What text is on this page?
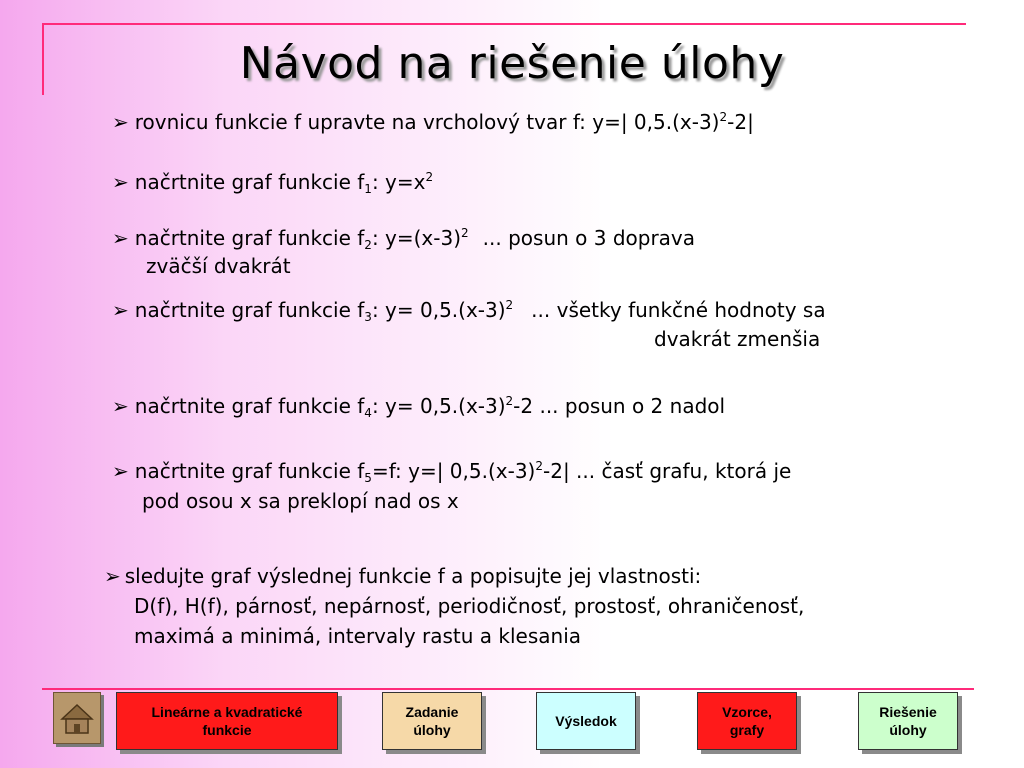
Návod na riešenie úlohy
➢ rovnicu funkcie f upravte na vrcholový tvar f: y=| $0,5.(x-3)^2-2|$
➢ načrtnite graf funkcie $f_1$: $y=x^2$
➢ načrtnite graf funkcie $f_2$: $y=(x-3)^2$ ... posun o 3 doprava
zväčší dvakrát
➢ načrtnite graf funkcie $f_3$: $y= 0,5.(x-3)^2$ ... všetky funkčné hodnoty sa
dvakrát zmenšia
➢ načrtnite graf funkcie $f_4$: $y= 0,5.(x-3)^2-2$ ... posun o 2 nadol
➢ načrtnite graf funkcie $f_5=f$: y=| $0,5.(x-3)^2-2|$ ... časť grafu, ktorá je
pod osou x sa preklopí nad os x
➢ sledujte graf výslednej funkcie f a popisujte jej vlastnosti:
D(f), H(f), párnosť, nepárnosť, periodičnosť, prostosť, ohraničenosť,
maximá a minimá, intervaly rastu a klesania
Lineárne a kvadratické
funkcie
Zadanie
úlohy
Výsledok
Vzorce,
grafy
Riešenie
úlohy
